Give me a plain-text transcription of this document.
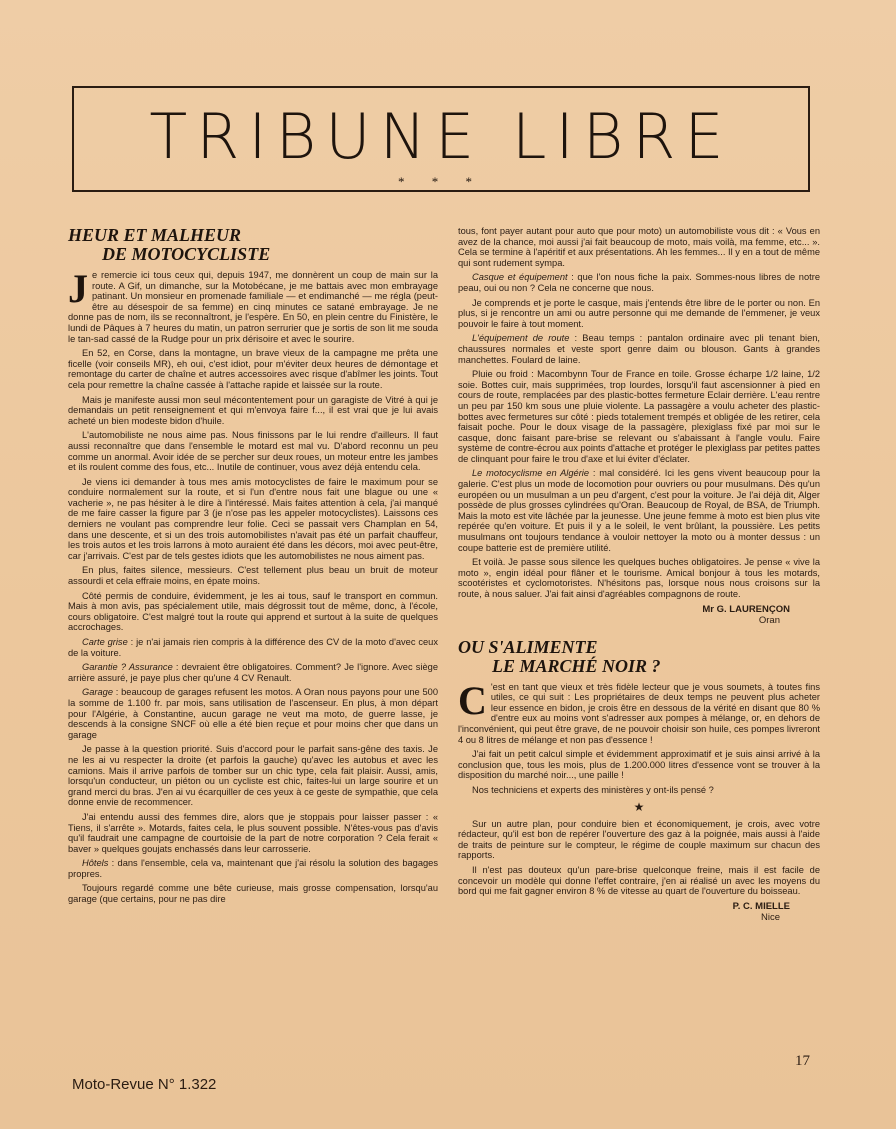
TRIBUNE LIBRE
* * *
HEUR ET MALHEUR
DE MOTOCYCLISTE

Je remercie ici tous ceux qui, depuis 1947, me donnèrent un coup de main sur la route. A Gif, un dimanche, sur la Motobécane, je me battais avec mon embrayage patinant. Un monsieur en promenade familiale — et endimanché — me régla (peut-être au désespoir de sa femme) en cinq minutes ce satané embrayage. Je ne donne pas de nom, ils se reconnaîtront, je l'espère. En 50, en plein centre du Finistère, le lundi de Pâques à 7 heures du matin, un patron serrurier que je sortis de son lit me souda le tan-sad cassé de la Rudge pour un prix dérisoire et avec le sourire.

En 52, en Corse, dans la montagne, un brave vieux de la campagne me prêta une ficelle (voir conseils MR), eh oui, c'est idiot, pour m'éviter deux heures de démontage et remontage du carter de chaîne et autres accessoires avec risque d'abîmer les joints. Tout cela pour remettre la chaîne cassée à l'attache rapide et laissée sur la route.

Mais je manifeste aussi mon seul mécontentement pour un garagiste de Vitré à qui je demandais un petit renseignement et qui m'envoya faire f..., il est vrai que je lui avais acheté un bien modeste bidon d'huile.

L'automobiliste ne nous aime pas. Nous finissons par le lui rendre d'ailleurs. Il faut aussi reconnaître que dans l'ensemble le motard est mal vu. D'abord reconnu un peu comme un anormal. Avoir idée de se percher sur deux roues, un moteur entre les jambes et ils roulent comme des fous, etc... Inutile de continuer, vous avez déjà entendu cela.

Je viens ici demander à tous mes amis motocyclistes de faire le maximum pour se conduire normalement sur la route, et si l'un d'entre nous fait une blague ou une « vacherie », ne pas hésiter à le dire à l'intéressé. Mais faites attention à cela, j'ai manqué de me faire casser la figure par 3 (je n'ose pas les appeler motocyclistes). Laissons ces derniers ne voulant pas comprendre leur folie. Ceci se passait vers Champlan en 54, dans une descente, et si un des trois automobilistes n'avait pas été un parfait chauffeur, les trois autos et les trois larrons à moto auraient été dans les décors, moi avec peut-être, car j'arrivais. C'est par de tels gestes idiots que les automobilistes ne nous aiment pas.

En plus, faites silence, messieurs. C'est tellement plus beau un bruit de moteur assourdi et cela effraie moins, en épate moins.

Côté permis de conduire, évidemment, je les ai tous, sauf le transport en commun. Mais à mon avis, pas spécialement utile, mais dégrossit tout de même, donc, à l'école, cours obligatoire. C'est malgré tout la route qui apprend et surtout à la suite de quelques accrochages.

Carte grise : je n'ai jamais rien compris à la différence des CV de la moto d'avec ceux de la voiture.

Garantie ? Assurance : devraient être obligatoires. Comment? Je l'ignore. Avec siège arrière assuré, je paye plus cher qu'une 4 CV Renault.

Garage : beaucoup de garages refusent les motos. A Oran nous payons pour une 500 la somme de 1.100 fr. par mois, sans utilisation de l'ascenseur. En plus, à mon départ pour l'Algérie, à Constantine, aucun garage ne veut ma moto, de guerre lasse, je descends à la consigne SNCF où elle a été bien reçue et pour moins cher que dans un garage

Je passe à la question priorité. Suis d'accord pour le parfait sans-gêne des taxis. Je ne les ai vu respecter la droite (et parfois la gauche) qu'avec les autobus et avec les camions. Mais il arrive parfois de tomber sur un chic type, cela fait plaisir. Aussi, amis, lorsqu'un conducteur, un piéton ou un cycliste est chic, faites-lui un large sourire et un grand merci du bras. J'en ai vu écarquiller de ces yeux à ce geste de sympathie, que cela donne envie de recommencer.

J'ai entendu aussi des femmes dire, alors que je stoppais pour laisser passer : « Tiens, il s'arrête ». Motards, faites cela, le plus souvent possible. N'êtes-vous pas d'avis qu'il faudrait une campagne de courtoisie de la part de notre corporation ? Cela ferait « baver » quelques goujats enchassés dans leur carrosserie.

Hôtels : dans l'ensemble, cela va, maintenant que j'ai résolu la solution des bagages propres.

Toujours regardé comme une bête curieuse, mais grosse compensation, lorsqu'au garage (que certains, pour ne pas dire

tous, font payer autant pour auto que pour moto) un automobiliste vous dit : « Vous en avez de la chance, moi aussi j'ai fait beaucoup de moto, mais voilà, ma femme, etc... ». Cela se termine à l'apéritif et aux présentations. Ah les femmes... Il y en a tout de même qui sont rudement sympa.

Casque et équipement : que l'on nous fiche la paix. Sommes-nous libres de notre peau, oui ou non ? Cela ne concerne que nous.

Je comprends et je porte le casque, mais j'entends être libre de le porter ou non. En plus, si je rencontre un ami ou autre personne qui me demande de l'emmener, je veux pouvoir le faire à tout moment.

L'équipement de route : Beau temps : pantalon ordinaire avec pli tenant bien, chaussures normales et veste sport genre daim ou blouson. Gants à grandes manchettes. Foulard de laine.

Pluie ou froid : Macombynn Tour de France en toile. Grosse écharpe 1/2 laine, 1/2 soie. Bottes cuir, mais supprimées, trop lourdes, lorsqu'il faut ascensionner à pied en cours de route, remplacées par des plastic-bottes fermeture Eclair derrière. L'eau rentre un peu par 150 km sous une pluie violente. La passagère a voulu acheter des plastic-bottes avec fermetures sur côté : pieds totalement trempés et obligée de les retirer, cela faisait poche. Pour le doux visage de la passagère, plexiglass fixé par moi sur le casque, donc faisant pare-brise se relevant ou s'abaissant à l'angle voulu. Faire système de contre-écrou aux points d'attache et protéger le plexiglass par petites pattes de clinquant pour faire le trou d'axe et lui éviter d'éclater.

Le motocyclisme en Algérie : mal considéré. Ici les gens vivent beaucoup pour la galerie. C'est plus un mode de locomotion pour ouvriers ou pour musulmans. Dès qu'un européen ou un musulman a un peu d'argent, c'est pour la voiture. Je l'ai déjà dit, Alger possède de plus grosses cylindrées qu'Oran. Beaucoup de Royal, de BSA, de Triumph. Mais la moto est vite lâchée par la jeunesse. Une jeune femme à moto est bien plus vite repérée qu'en voiture. Et puis il y a le soleil, le vent brûlant, la poussière. Les petits musulmans ont toujours tendance à vouloir nettoyer la moto ou à monter dessus : un coupe batterie est de première utilité.

Et voilà. Je passe sous silence les quelques buches obligatoires. Je pense « vive la moto », engin idéal pour flâner et le tourisme. Amical bonjour à tous les motards, scootéristes et cyclomotoristes. N'hésitons pas, lorsque nous nous croisons sur la route, à nous saluer. J'ai fait ainsi d'agréables compagnons de route.

Mr G. LAURENÇON
Oran
OU S'ALIMENTE
LE MARCHÉ NOIR ?

C 'est en tant que vieux et très fidèle lecteur que je vous soumets, à toutes fins utiles, ce qui suit : Les propriétaires de deux temps ne peuvent plus acheter leur essence en bidon, je crois être en dessous de la vérité en disant que 80 % d'entre eux au moins vont s'adresser aux pompes à mélange, or, en dehors de l'inconvénient, qui peut être grave, de ne pouvoir choisir son huile, ces pompes livreront 4 ou 8 litres de mélange et non pas d'essence !

J'ai fait un petit calcul simple et évidemment approximatif et je suis ainsi arrivé à la conclusion que, tous les mois, plus de 1.200.000 litres d'essence vont se trouver à la disposition du marché noir..., une paille !

Nos techniciens et experts des ministères y ont-ils pensé ?

★

Sur un autre plan, pour conduire bien et économiquement, je crois, avec votre rédacteur, qu'il est bon de repérer l'ouverture des gaz à la poignée, mais aussi à l'aide de traits de peinture sur le compteur, le régime de couple maximum sur chacun des rapports.

Il n'est pas douteux qu'un pare-brise quelconque freine, mais il est facile de concevoir un modèle qui donne l'effet contraire, j'en ai réalisé un avec les moyens du bord qui me fait gagner environ 8 % de vitesse au quart de l'ouverture du boisseau.

P. C. MIELLE
Nice
Moto-Revue N° 1.322
17
